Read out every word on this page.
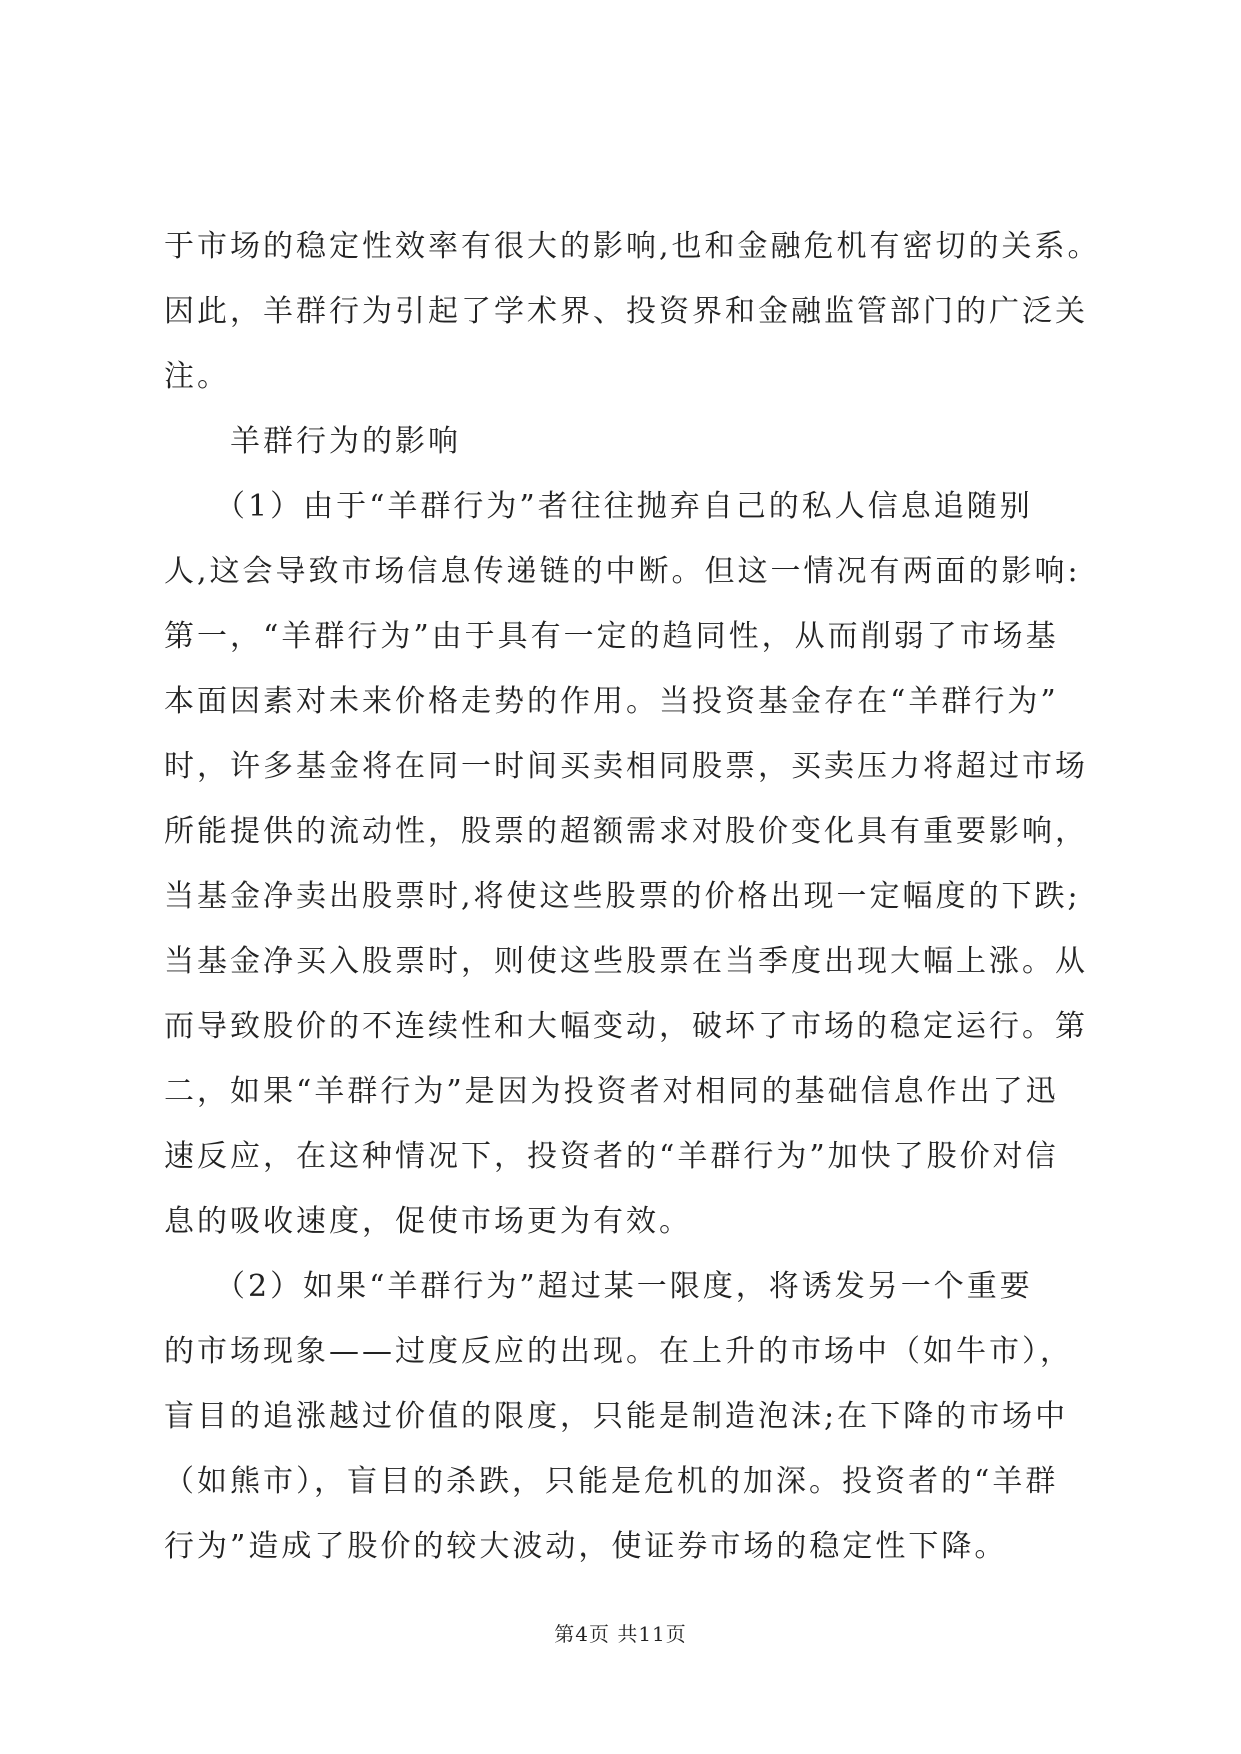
于市场的稳定性效率有很大的影响,也和金融危机有密切的关系。
因此，羊群行为引起了学术界、投资界和金融监管部门的广泛关
注。
　　羊群行为的影响
　　（1）由于“羊群行为”者往往抛弃自己的私人信息追随别
人,这会导致市场信息传递链的中断。但这一情况有两面的影响:
第一，“羊群行为”由于具有一定的趋同性，从而削弱了市场基
本面因素对未来价格走势的作用。当投资基金存在“羊群行为”
时，许多基金将在同一时间买卖相同股票，买卖压力将超过市场
所能提供的流动性，股票的超额需求对股价变化具有重要影响，
当基金净卖出股票时,将使这些股票的价格出现一定幅度的下跌;
当基金净买入股票时，则使这些股票在当季度出现大幅上涨。从
而导致股价的不连续性和大幅变动，破坏了市场的稳定运行。第
二，如果“羊群行为”是因为投资者对相同的基础信息作出了迅
速反应，在这种情况下，投资者的“羊群行为”加快了股价对信
息的吸收速度，促使市场更为有效。
　　（2）如果“羊群行为”超过某一限度，将诱发另一个重要
的市场现象——过度反应的出现。在上升的市场中（如牛市），
盲目的追涨越过价值的限度，只能是制造泡沫;在下降的市场中
（如熊市），盲目的杀跌，只能是危机的加深。投资者的“羊群
行为”造成了股价的较大波动，使证券市场的稳定性下降。
第4页 共11页
